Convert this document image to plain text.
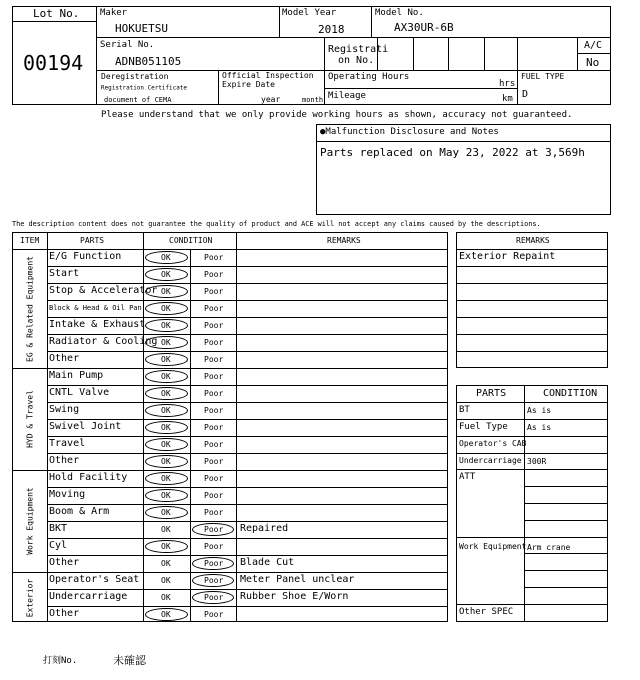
Lot No.
00194
Maker
HOKUETSU
Model Year
2018
Model No.
AX30UR-6B
Serial No.
ADNB051105
Registrati
on No.
A/C
No
Deregistration
Registration Certificate
document of CEMA
Official Inspection
Expire Date
year	month
Operating Hours
hrs
Mileage	km
FUEL TYPE
D
Please understand that we only provide working hours as shown, accuracy not guaranteed.
●Malfunction Disclosure and Notes
Parts replaced on May 23, 2022 at 3,569h
The description content does not guarantee the quality of product and ACE will not accept any claims caused by the descriptions.
ITEM	PARTS	CONDITION	REMARKS
E/G Function	OK	Poor
Start	OK	Poor
Stop & Accelerator OK	Poor
Block & Head & Oil Pan OK	Poor
Intake & Exhaust OK	Poor
Radiator & Cooling OK	Poor
Other	OK	Poor
EG & Related Equipment
Main Pump	OK	Poor
CNTL Valve	OK	Poor
Swing	OK	Poor
Swivel Joint	OK	Poor
Travel	OK	Poor
Other	OK	Poor
HYD & Travel
Hold Facility	OK	Poor
Moving	OK	Poor
Boom & Arm	OK	Poor
BKT	OK	Poor Repaired
Cyl	OK	Poor
Other	OK	Poor Blade Cut
Work Equipment
Operator's Seat	OK	Poor Meter Panel unclear
Undercarriage	OK	Poor Rubber Shoe E/Worn
Other	OK	Poor
Exterior
REMARKS
Exterior Repaint
PARTS	CONDITION
BT	As is
Fuel Type As is
Operator's CAB
Undercarriage 300R
ATT
Work Equipment Arm crane
Other SPEC
打刻No.	未確認
